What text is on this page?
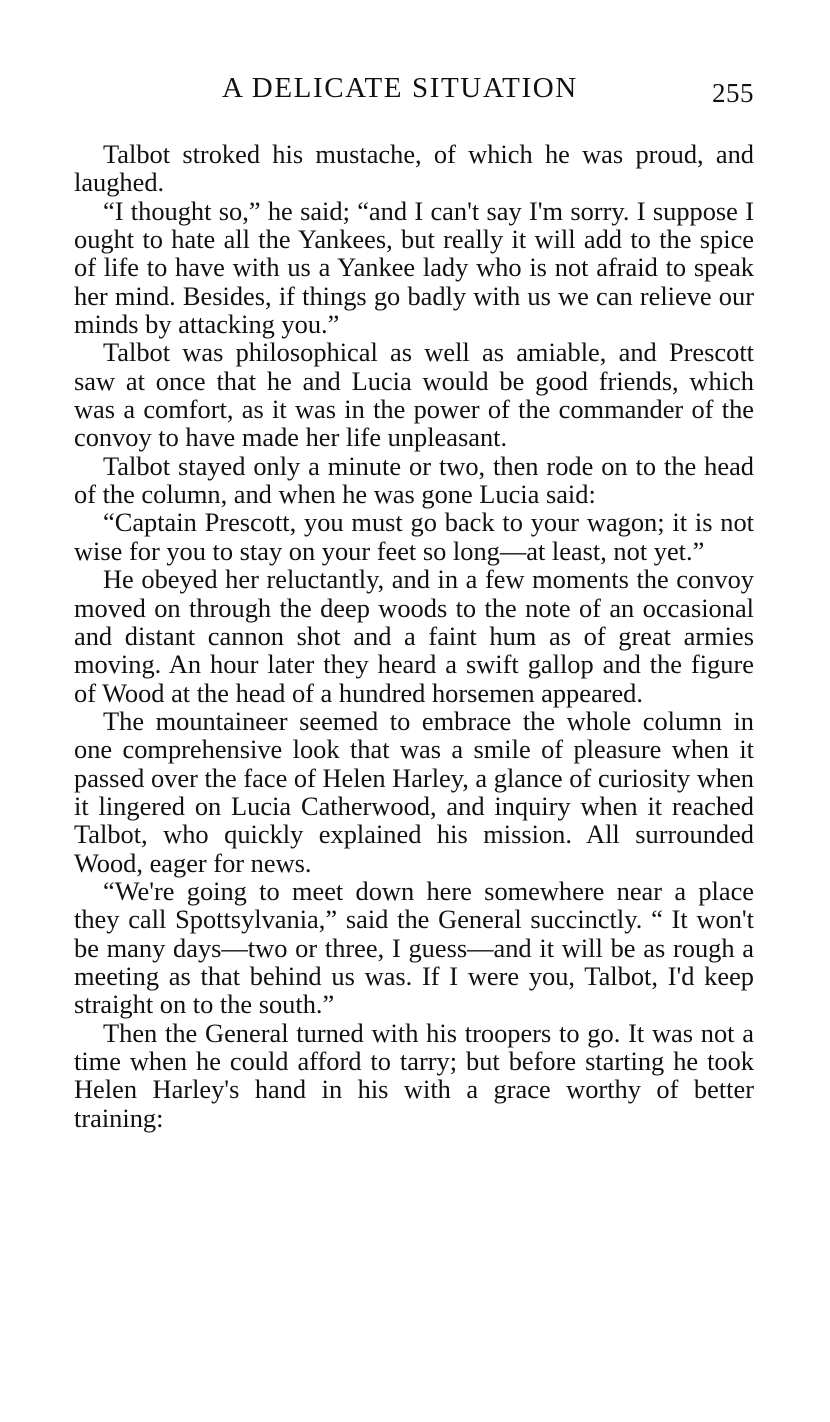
A DELICATE SITUATION	255

Talbot stroked his mustache, of which he was proud, and laughed.

“I thought so,” he said; “and I can't say I'm sorry. I suppose I ought to hate all the Yankees, but really it will add to the spice of life to have with us a Yankee lady who is not afraid to speak her mind. Besides, if things go badly with us we can relieve our minds by attacking you.”

Talbot was philosophical as well as amiable, and Prescott saw at once that he and Lucia would be good friends, which was a comfort, as it was in the power of the commander of the convoy to have made her life unpleasant.

Talbot stayed only a minute or two, then rode on to the head of the column, and when he was gone Lucia said:

“Captain Prescott, you must go back to your wagon; it is not wise for you to stay on your feet so long—at least, not yet.”

He obeyed her reluctantly, and in a few moments the convoy moved on through the deep woods to the note of an occasional and distant cannon shot and a faint hum as of great armies moving. An hour later they heard a swift gallop and the figure of Wood at the head of a hundred horsemen appeared.

The mountaineer seemed to embrace the whole column in one comprehensive look that was a smile of pleasure when it passed over the face of Helen Harley, a glance of curiosity when it lingered on Lucia Catherwood, and inquiry when it reached Talbot, who quickly explained his mission. All surrounded Wood, eager for news.

“We're going to meet down here somewhere near a place they call Spottsylvania,” said the General succinctly. “ It won't be many days—two or three, I guess—and it will be as rough a meeting as that behind us was. If I were you, Talbot, I'd keep straight on to the south.”

Then the General turned with his troopers to go. It was not a time when he could afford to tarry; but before starting he took Helen Harley's hand in his with a grace worthy of better training:
